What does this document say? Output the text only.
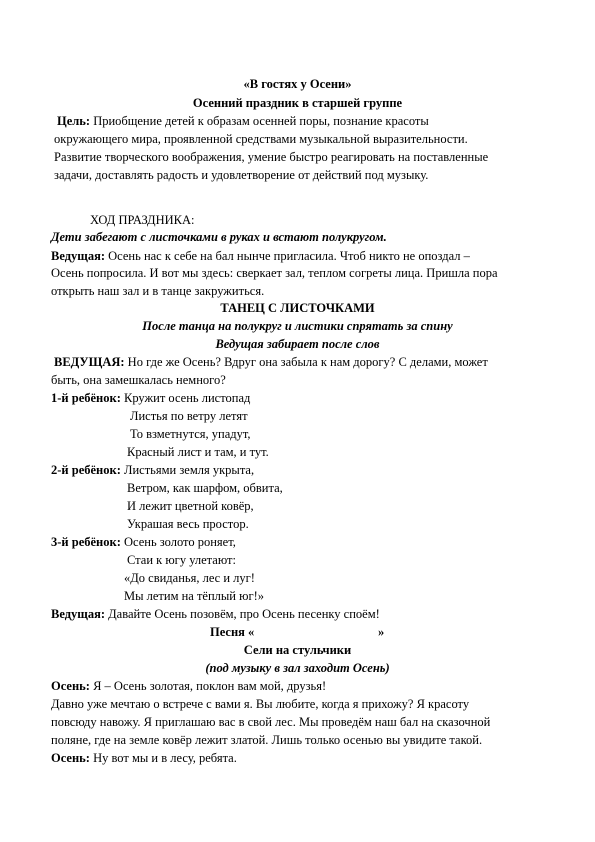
«В гостях у Осени»
Осенний праздник в старшей группе
Цель: Приобщение детей к образам осенней поры, познание красоты
окружающего мира, проявленной средствами музыкальной выразительности.
Развитие творческого воображения, умение быстро реагировать на поставленные
задачи, доставлять радость и удовлетворение от действий под музыку.
ХОД ПРАЗДНИКА:
Дети забегают с листочками в руках и встают полукругом.
Ведущая: Осень нас к себе на бал нынче пригласила. Чтоб никто не опоздал –
Осень попросила. И вот мы здесь: сверкает зал, теплом согреты лица. Пришла пора
открыть наш зал и в танце закружиться.
ТАНЕЦ С ЛИСТОЧКАМИ
После танца на полукруг и листики спрятать за спину
Ведущая забирает после слов
ВЕДУЩАЯ: Но где же Осень? Вдруг она забыла к нам дорогу? С делами, может
быть, она замешкалась немного?
1-й ребёнок: Кружит осень листопад
Листья по ветру летят
То взметнутся, упадут,
Красный лист и там, и тут.
2-й ребёнок: Листьями земля укрыта,
Ветром, как шарфом, обвита,
И лежит цветной ковёр,
Украшая весь простор.
3-й ребёнок: Осень золото роняет,
Стаи к югу улетают:
«До свиданья, лес и луг!
Мы летим на тёплый юг!»
Ведущая: Давайте Осень позовём, про Осень песенку споём!
Песня «	»
Сели на стульчики
(под музыку в зал заходит Осень)
Осень: Я – Осень золотая, поклон вам мой, друзья!
Давно уже мечтаю о встрече с вами я. Вы любите, когда я прихожу? Я красоту
повсюду навожу. Я приглашаю вас в свой лес. Мы проведём наш бал на сказочной
поляне, где на земле ковёр лежит златой. Лишь только осенью вы увидите такой.
Осень: Ну вот мы и в лесу, ребята.
